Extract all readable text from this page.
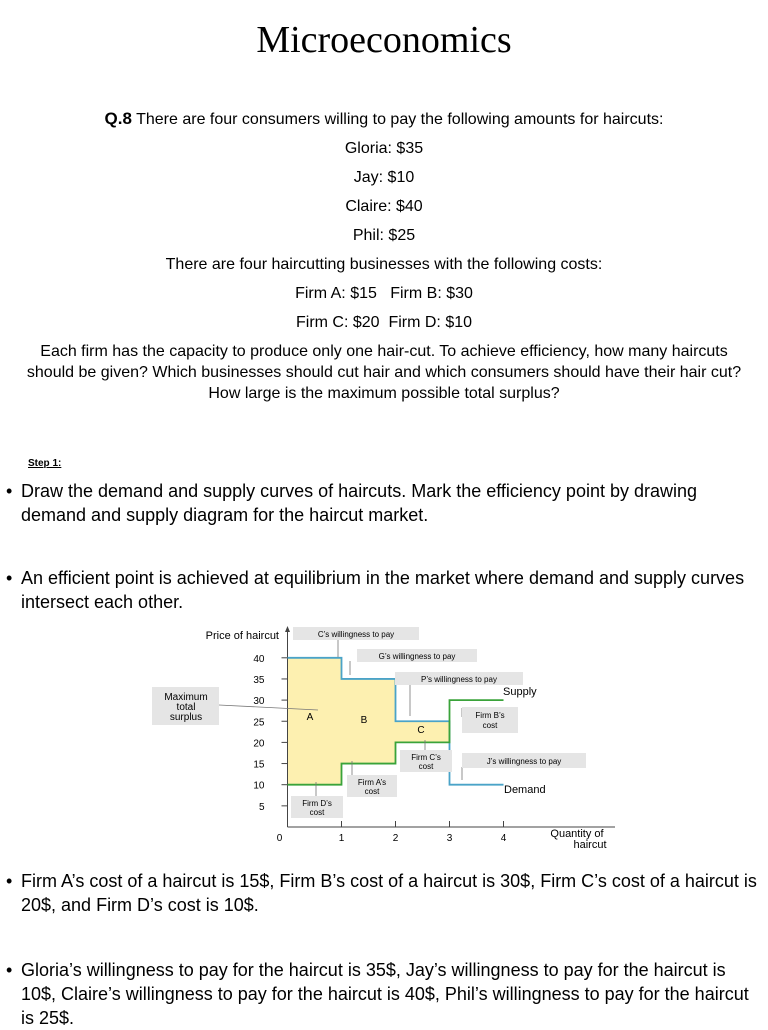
Microeconomics
Q.8 There are four consumers willing to pay the following amounts for haircuts:
Gloria: $35
Jay: $10
Claire: $40
Phil: $25
There are four haircutting businesses with the following costs:
Firm A: $15   Firm B: $30
Firm C: $20  Firm D: $10
Each firm has the capacity to produce only one hair-cut. To achieve efficiency, how many haircuts should be given? Which businesses should cut hair and which consumers should have their hair cut? How large is the maximum possible total surplus?
Step 1:
• Draw the demand and supply curves of haircuts. Mark the efficiency point by drawing demand and supply diagram for the haircut market.
• An efficient point is achieved at equilibrium in the market where demand and supply curves intersect each other.
Price of haircut
Quantity of haircut
5
10
15
20
25
30
35
40
0	1	2	3	4
A	B
C
Supply
Demand
C’s willingness to pay
G’s willingness to pay
P’s willingness to pay
Firm B’s cost
Firm C’s cost
J’s willingness to pay
Firm A’s cost
Firm D’s cost
Maximum total surplus
• Firm A’s cost of a haircut is 15$, Firm B’s cost of a haircut is 30$, Firm C’s cost of a haircut is 20$, and Firm D’s cost is 10$.
• Gloria’s willingness to pay for the haircut is 35$, Jay’s willingness to pay for the haircut is 10$, Claire’s willingness to pay for the haircut is 40$, Phil’s willingness to pay for the haircut is 25$.
